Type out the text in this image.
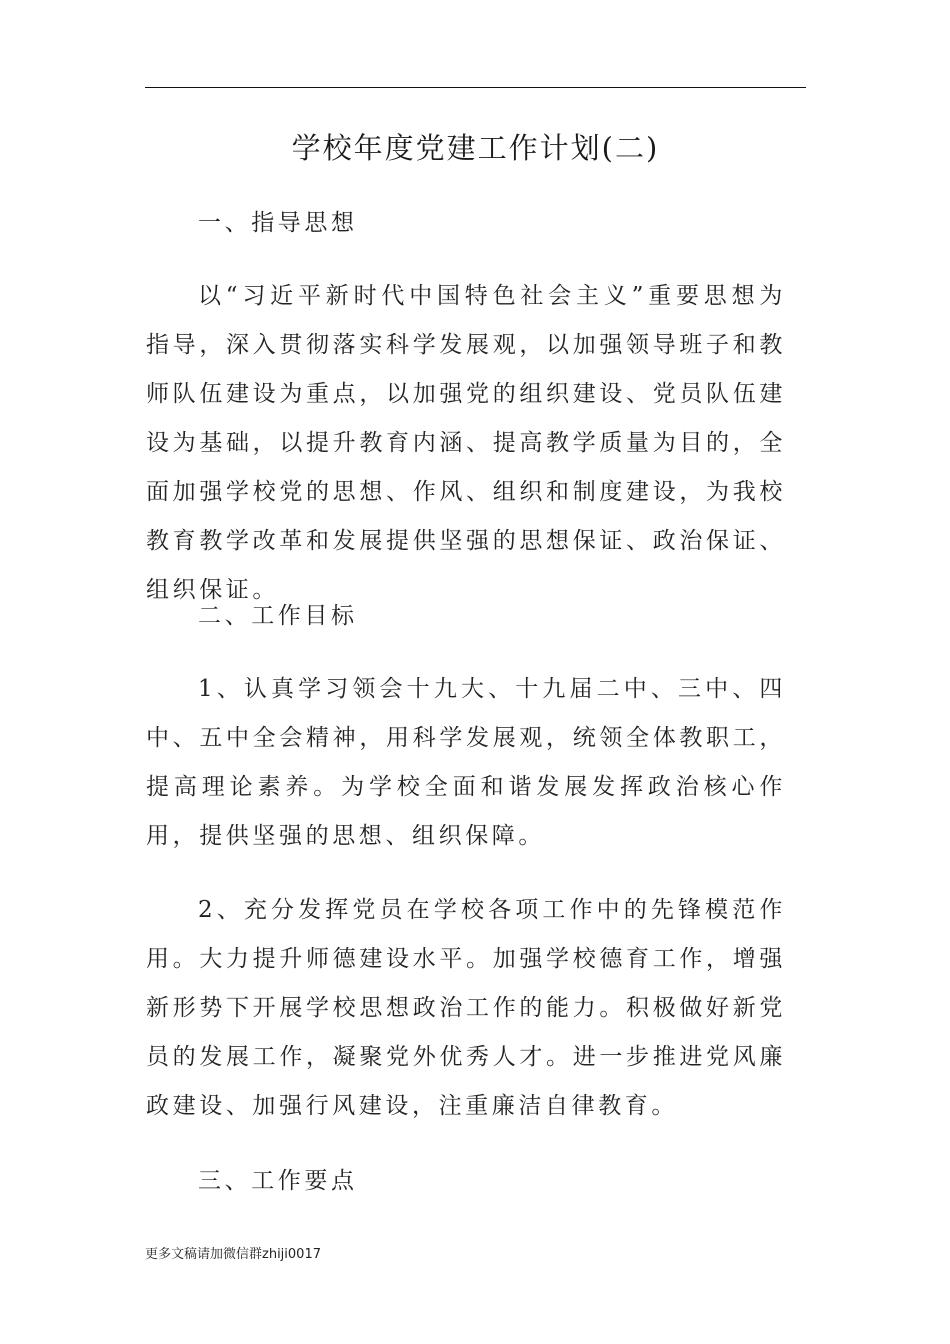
学校年度党建工作计划(二)

一、指导思想

以“习近平新时代中国特色社会主义”重要思想为指导，深入贯彻落实科学发展观，以加强领导班子和教师队伍建设为重点，以加强党的组织建设、党员队伍建设为基础，以提升教育内涵、提高教学质量为目的，全面加强学校党的思想、作风、组织和制度建设，为我校教育教学改革和发展提供坚强的思想保证、政治保证、组织保证。

二、工作目标

1、认真学习领会十九大、十九届二中、三中、四中、五中全会精神，用科学发展观，统领全体教职工，提高理论素养。为学校全面和谐发展发挥政治核心作用，提供坚强的思想、组织保障。

2、充分发挥党员在学校各项工作中的先锋模范作用。大力提升师德建设水平。加强学校德育工作，增强新形势下开展学校思想政治工作的能力。积极做好新党员的发展工作，凝聚党外优秀人才。进一步推进党风廉政建设、加强行风建设，注重廉洁自律教育。

三、工作要点

更多文稿请加微信群zhiji0017
